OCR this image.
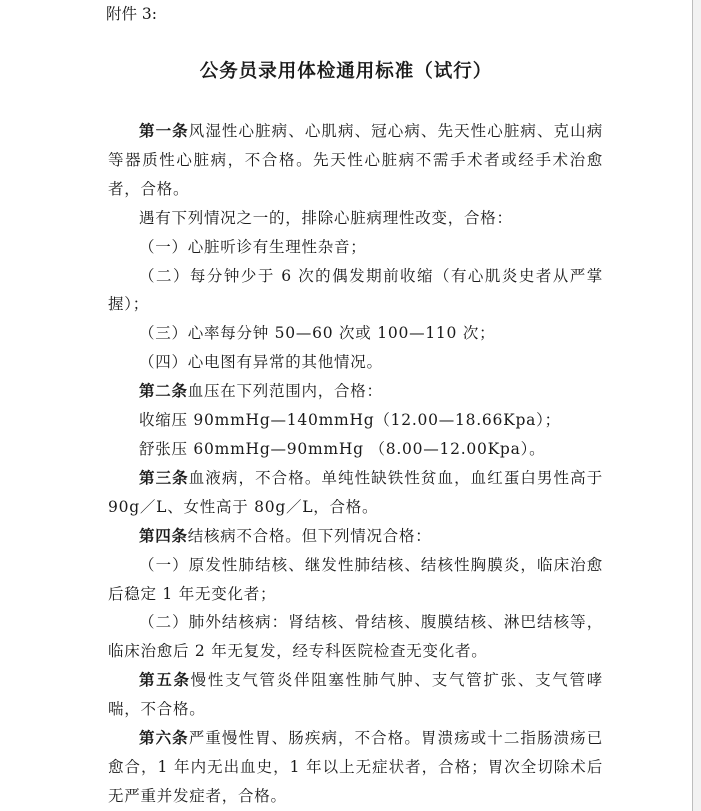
附件 3:
公务员录用体检通用标准（试行）

第一条风湿性心脏病、心肌病、冠心病、先天性心脏病、克山病等器质性心脏病，不合格。先天性心脏病不需手术者或经手术治愈者，合格。

遇有下列情况之一的，排除心脏病理性改变，合格：

（一）心脏听诊有生理性杂音；

（二）每分钟少于 6 次的偶发期前收缩（有心肌炎史者从严掌握）；

（三）心率每分钟 50—60 次或 100—110 次；

（四）心电图有异常的其他情况。

第二条血压在下列范围内，合格：

收缩压 90mmHg—140mmHg（12.00—18.66Kpa）；

舒张压 60mmHg—90mmHg （8.00—12.00Kpa）。

第三条血液病，不合格。单纯性缺铁性贫血，血红蛋白男性高于 90g／L、女性高于 80g／L，合格。

第四条结核病不合格。但下列情况合格：

（一）原发性肺结核、继发性肺结核、结核性胸膜炎，临床治愈后稳定 1 年无变化者；

（二）肺外结核病：肾结核、骨结核、腹膜结核、淋巴结核等，临床治愈后 2 年无复发，经专科医院检查无变化者。

第五条慢性支气管炎伴阻塞性肺气肿、支气管扩张、支气管哮喘，不合格。

第六条严重慢性胃、肠疾病，不合格。胃溃疡或十二指肠溃疡已愈合，1 年内无出血史，1 年以上无症状者，合格；胃次全切除术后无严重并发症者，合格。
